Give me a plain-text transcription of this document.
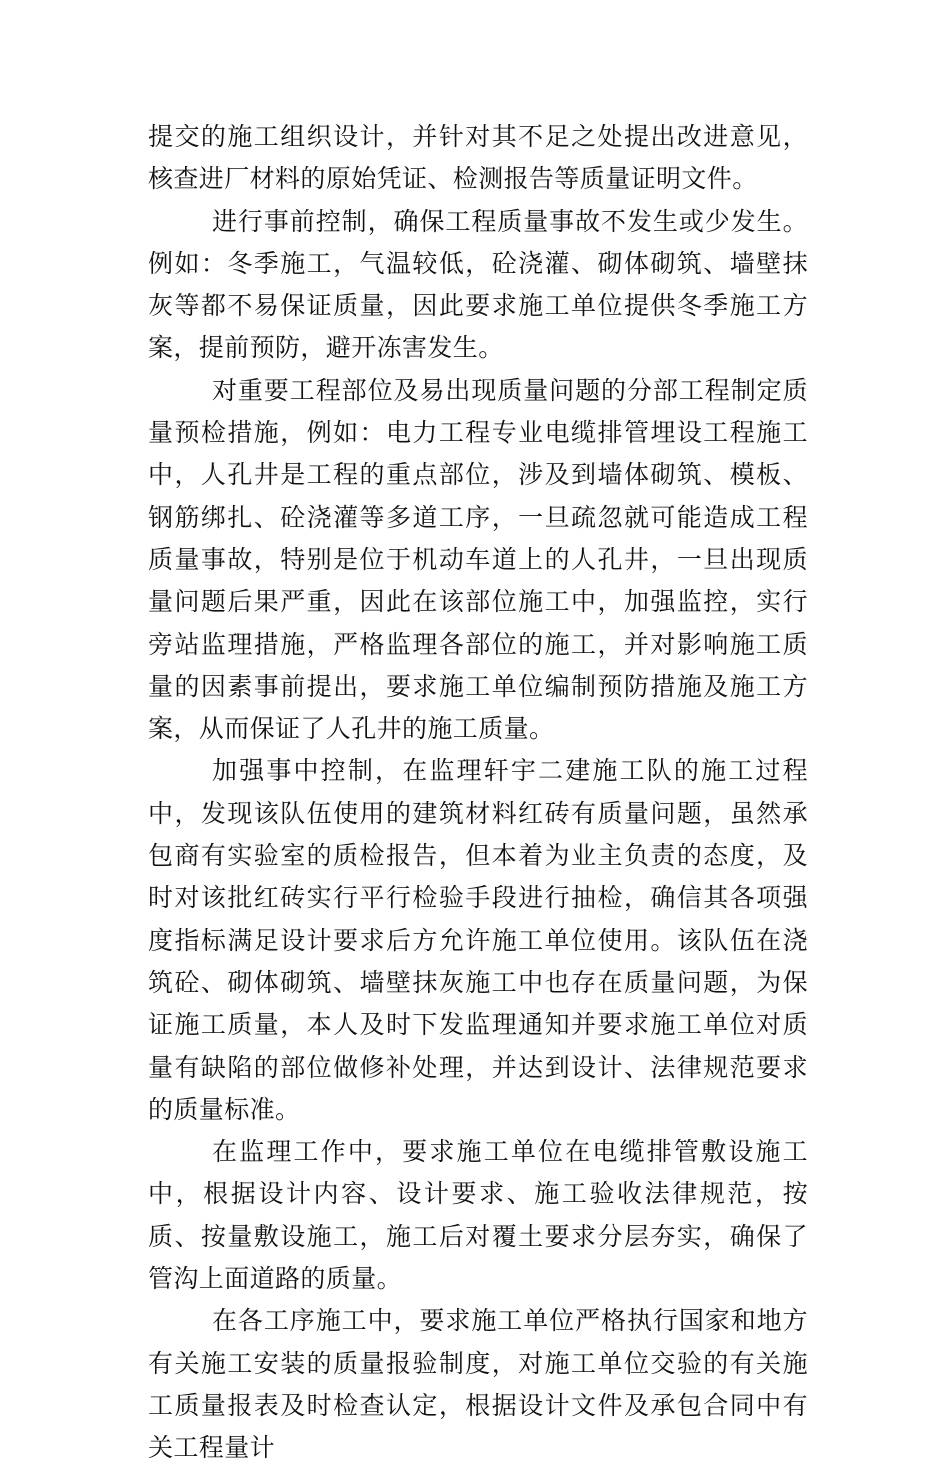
提交的施工组织设计，并针对其不足之处提出改进意见，核查进厂材料的原始凭证、检测报告等质量证明文件。

进行事前控制，确保工程质量事故不发生或少发生。例如：冬季施工，气温较低，砼浇灌、砌体砌筑、墙壁抹灰等都不易保证质量，因此要求施工单位提供冬季施工方案，提前预防，避开冻害发生。

对重要工程部位及易出现质量问题的分部工程制定质量预检措施，例如：电力工程专业电缆排管埋设工程施工中，人孔井是工程的重点部位，涉及到墙体砌筑、模板、钢筋绑扎、砼浇灌等多道工序，一旦疏忽就可能造成工程质量事故，特别是位于机动车道上的人孔井，一旦出现质量问题后果严重，因此在该部位施工中，加强监控，实行旁站监理措施，严格监理各部位的施工，并对影响施工质量的因素事前提出，要求施工单位编制预防措施及施工方案，从而保证了人孔井的施工质量。

加强事中控制，在监理轩宇二建施工队的施工过程中，发现该队伍使用的建筑材料红砖有质量问题，虽然承包商有实验室的质检报告，但本着为业主负责的态度，及时对该批红砖实行平行检验手段进行抽检，确信其各项强度指标满足设计要求后方允许施工单位使用。该队伍在浇筑砼、砌体砌筑、墙壁抹灰施工中也存在质量问题，为保证施工质量，本人及时下发监理通知并要求施工单位对质量有缺陷的部位做修补处理，并达到设计、法律规范要求的质量标准。

在监理工作中，要求施工单位在电缆排管敷设施工中，根据设计内容、设计要求、施工验收法律规范，按质、按量敷设施工，施工后对覆土要求分层夯实，确保了管沟上面道路的质量。

在各工序施工中，要求施工单位严格执行国家和地方有关施工安装的质量报验制度，对施工单位交验的有关施工质量报表及时检查认定，根据设计文件及承包合同中有关工程量计
